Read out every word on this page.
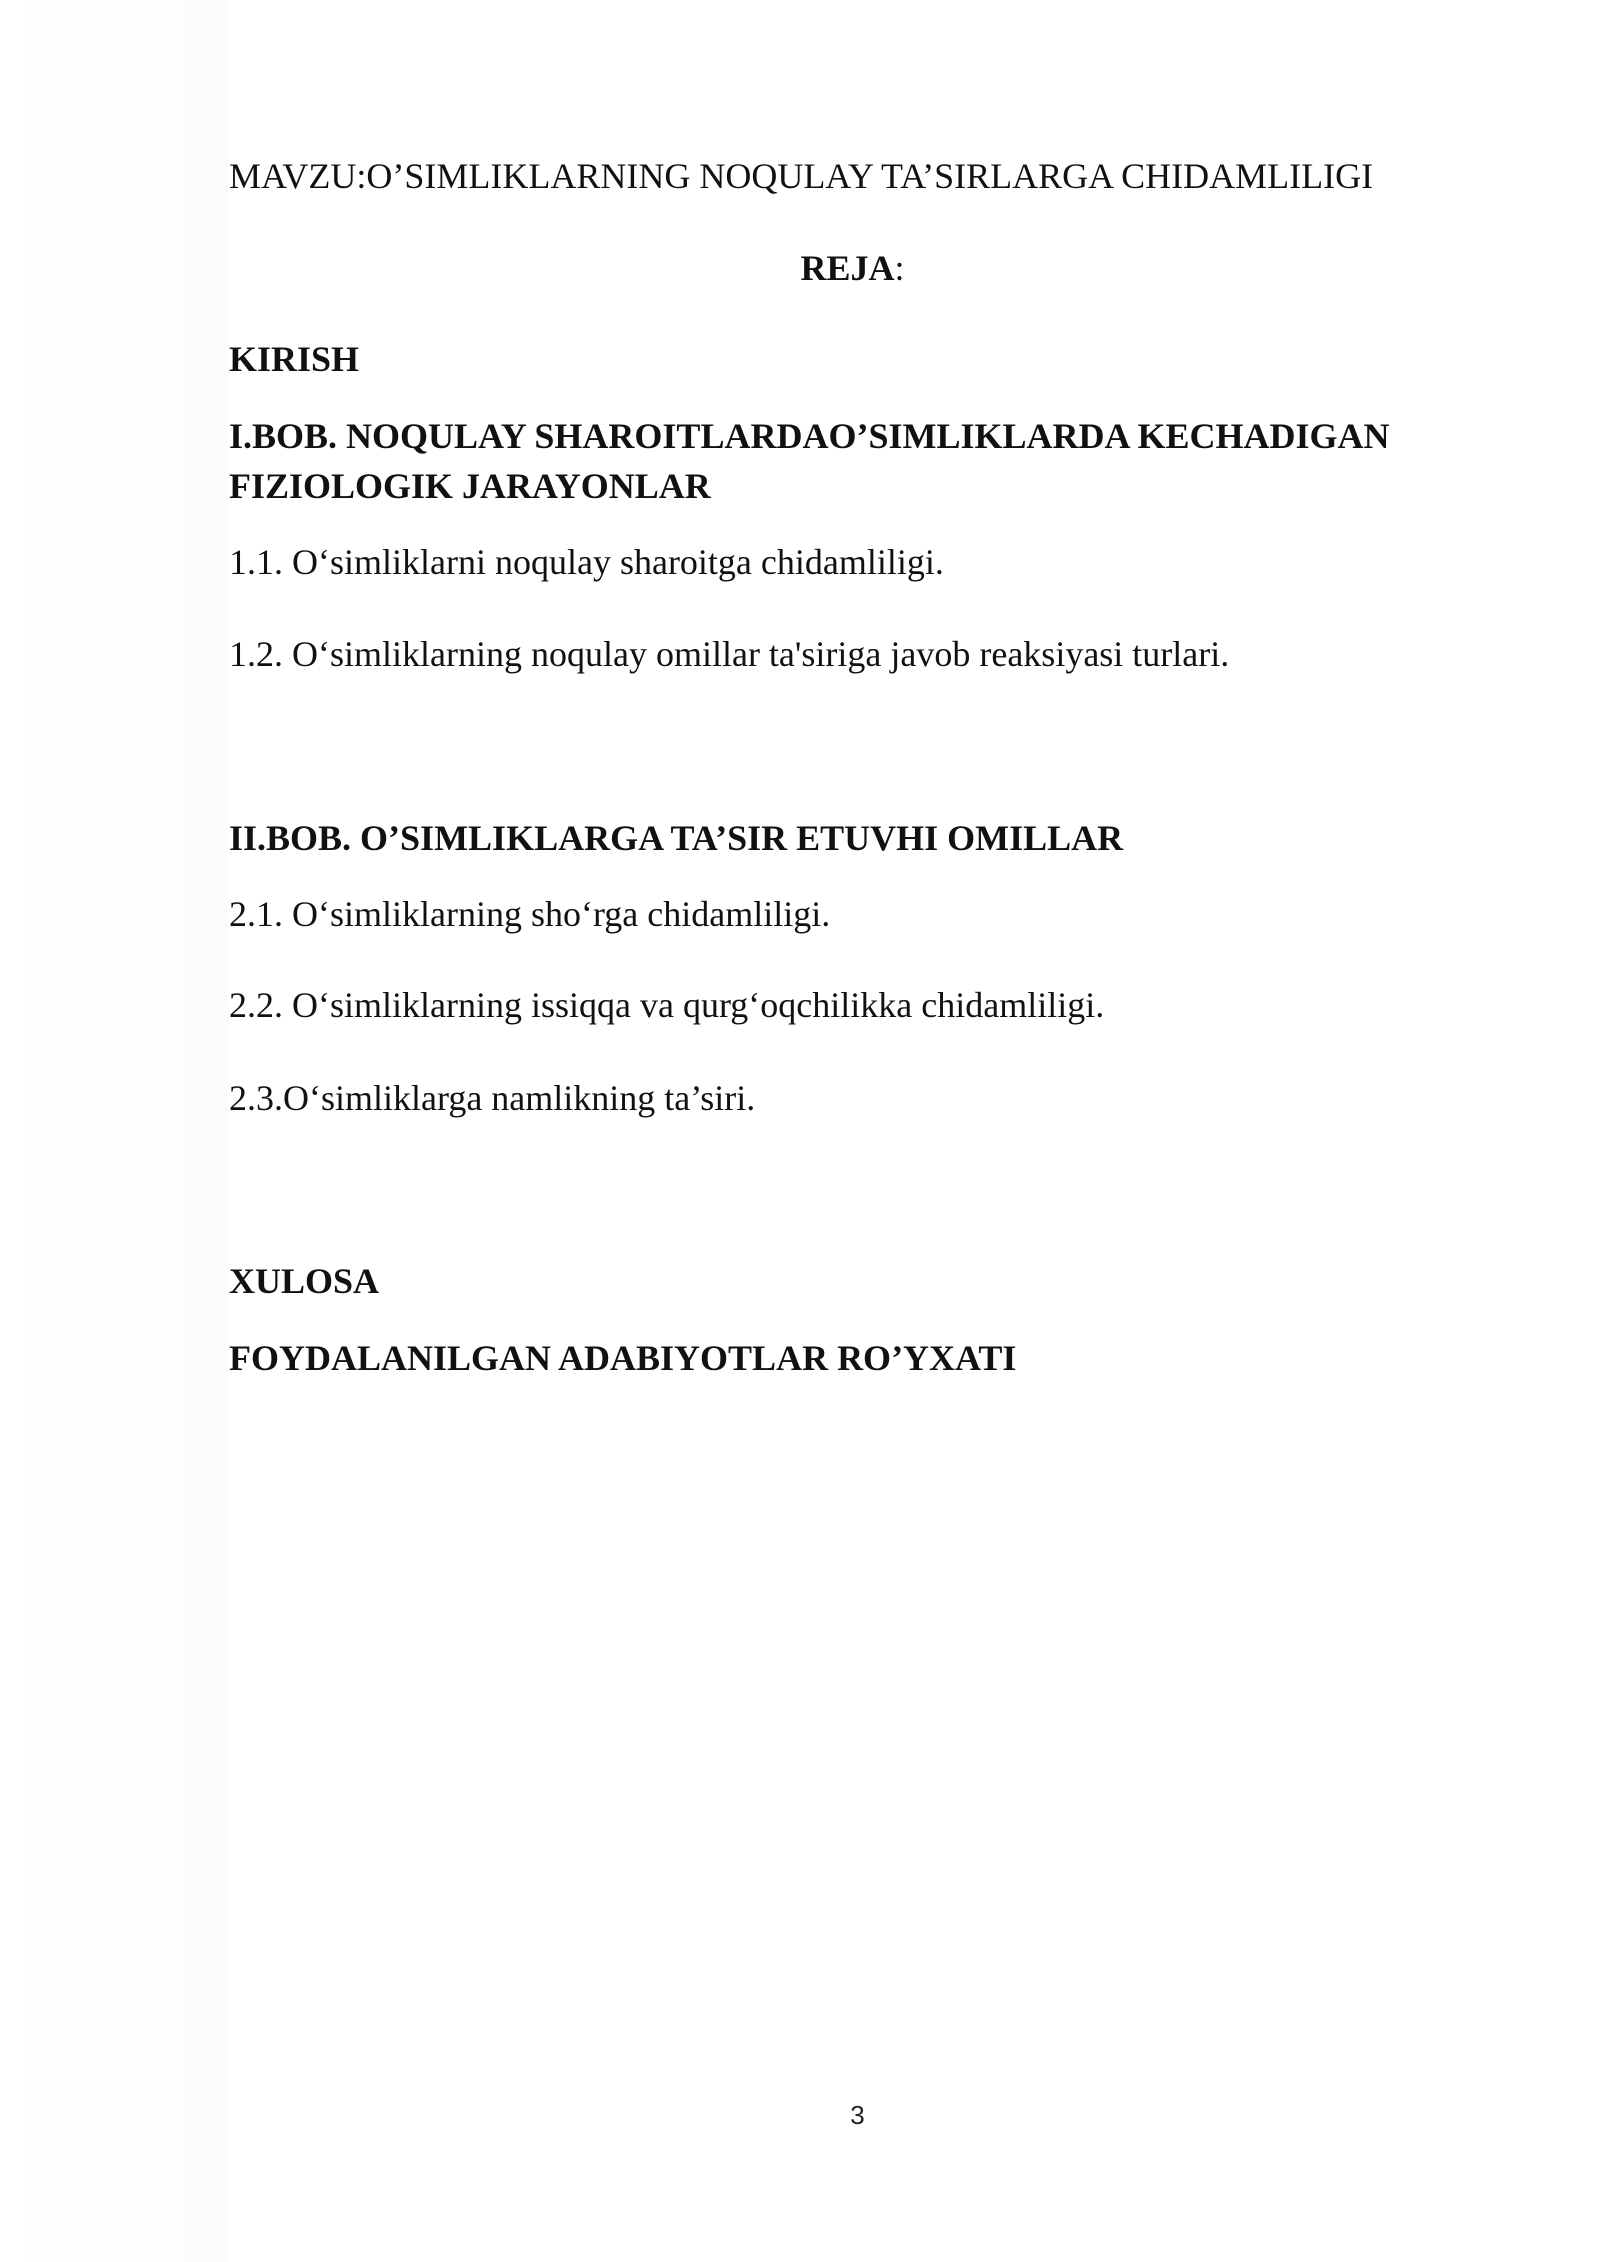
MAVZU:O’SIMLIKLARNING NOQULAY TA’SIRLARGA CHIDAMLILIGI
REJA:
KIRISH
I.BOB. NOQULAY SHAROITLARDAO’SIMLIKLARDA KECHADIGAN
FIZIOLOGIK JARAYONLAR
1.1. O‘simliklarni noqulay sharoitga chidamliligi.
1.2. O‘simliklarning noqulay omillar ta'siriga javob reaksiyasi turlari.
II.BOB. O’SIMLIKLARGA TA’SIR ETUVHI OMILLAR
2.1. O‘simliklarning sho‘rga chidamliligi.
2.2. O‘simliklarning issiqqa va qurg‘oqchilikka chidamliligi.
2.3.O‘simliklarga namlikning ta’siri.
XULOSA
FOYDALANILGAN ADABIYOTLAR RO’YXATI
3
